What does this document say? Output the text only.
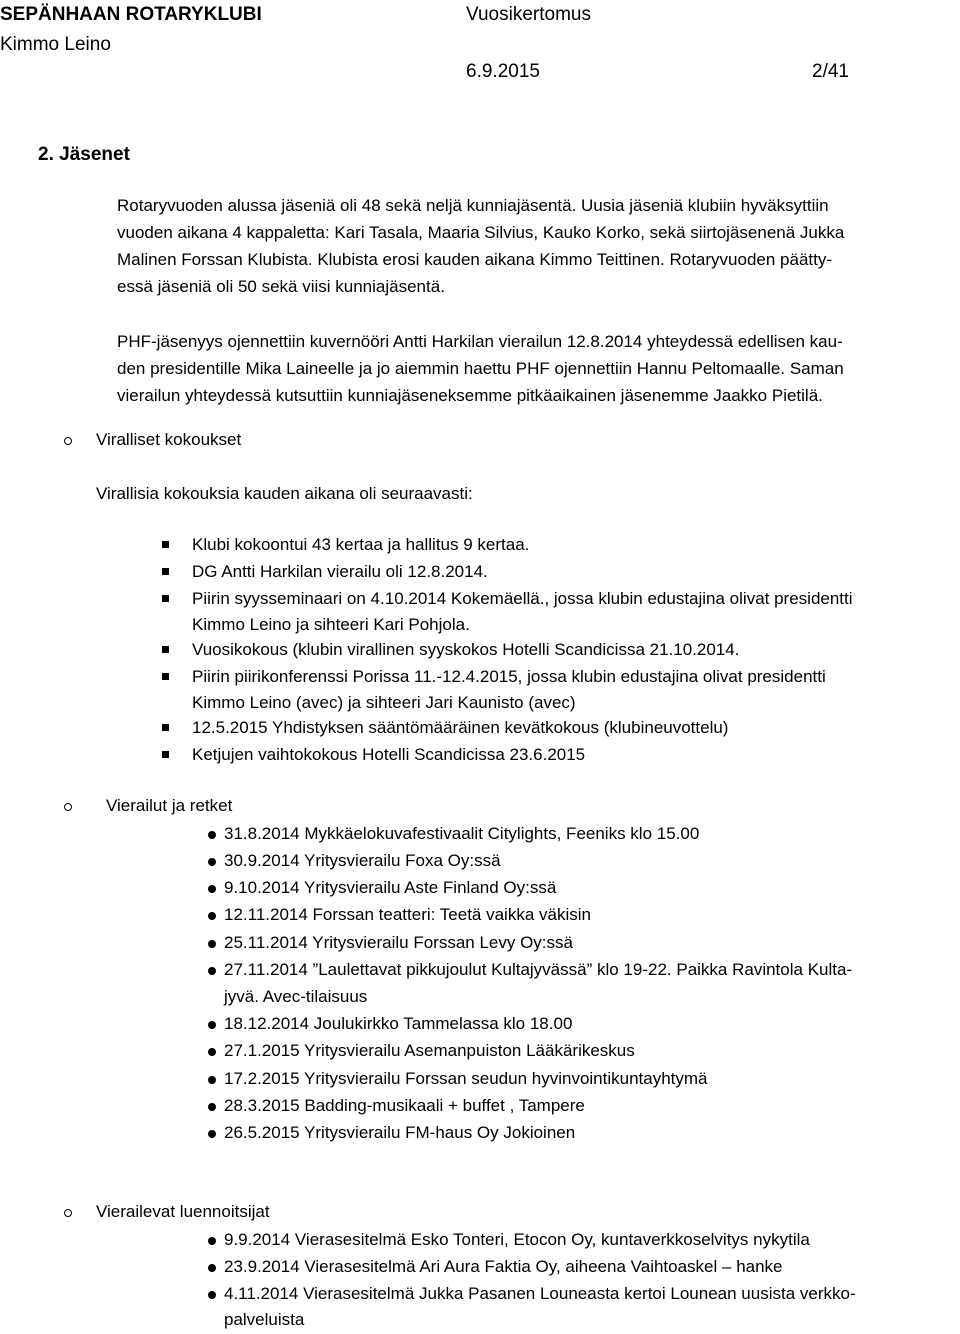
SEPÄNHAAN ROTARYKLUBI
Kimmo Leino
Vuosikertomus
6.9.2015	2/41
2. Jäsenet
Rotaryvuoden alussa jäseniä oli 48 sekä neljä kunniajäsentä. Uusia jäseniä klubiin hyväksyttiin
vuoden aikana 4 kappaletta: Kari Tasala, Maaria Silvius, Kauko Korko, sekä siirtojäsenenä Jukka
Malinen Forssan Klubista. Klubista erosi kauden aikana Kimmo Teittinen. Rotaryvuoden päätty-
essä jäseniä oli 50 sekä viisi kunniajäsentä.
PHF-jäsenyys ojennettiin kuvernööri Antti Harkilan vierailun 12.8.2014 yhteydessä edellisen kau-
den presidentille Mika Laineelle ja jo aiemmin haettu PHF ojennettiin Hannu Peltomaalle. Saman
vierailun yhteydessä kutsuttiin kunniajäseneksemme pitkäaikainen jäsenemme Jaakko Pietilä.
Viralliset kokoukset
Virallisia kokouksia kauden aikana oli seuraavasti:
Klubi kokoontui 43 kertaa ja hallitus 9 kertaa.
DG Antti Harkilan vierailu oli 12.8.2014.
Piirin syysseminaari on 4.10.2014 Kokemäellä., jossa klubin edustajina olivat presidentti
Kimmo Leino ja sihteeri Kari Pohjola.
Vuosikokous (klubin virallinen syyskokos Hotelli Scandicissa 21.10.2014.
Piirin piirikonferenssi Porissa 11.-12.4.2015, jossa klubin edustajina olivat presidentti
Kimmo Leino (avec) ja sihteeri Jari Kaunisto (avec)
12.5.2015 Yhdistyksen sääntömääräinen kevätkokous (klubineuvottelu)
Ketjujen vaihtokokous Hotelli Scandicissa 23.6.2015
Vierailut ja retket
31.8.2014 Mykkäelokuvafestivaalit Citylights, Feeniks klo 15.00
30.9.2014 Yritysvierailu Foxa Oy:ssä
9.10.2014 Yritysvierailu Aste Finland Oy:ssä
12.11.2014 Forssan teatteri: Teetä vaikka väkisin
25.11.2014 Yritysvierailu Forssan Levy Oy:ssä
27.11.2014 ”Laulettavat pikkujoulut Kultajyvässä” klo 19-22. Paikka Ravintola Kulta-
jyvä. Avec-tilaisuus
18.12.2014 Joulukirkko Tammelassa klo 18.00
27.1.2015 Yritysvierailu Asemanpuiston Lääkärikeskus
17.2.2015 Yritysvierailu Forssan seudun hyvinvointikuntayhtymä
28.3.2015 Badding-musikaali + buffet , Tampere
26.5.2015 Yritysvierailu FM-haus Oy Jokioinen
Vierailevat luennoitsijat
9.9.2014 Vierasesitelmä Esko Tonteri, Etocon Oy, kuntaverkkoselvitys nykytila
23.9.2014 Vierasesitelmä Ari Aura Faktia Oy, aiheena Vaihtoaskel – hanke
4.11.2014 Vierasesitelmä Jukka Pasanen Louneasta kertoi Lounean uusista verkko-
palveluista
